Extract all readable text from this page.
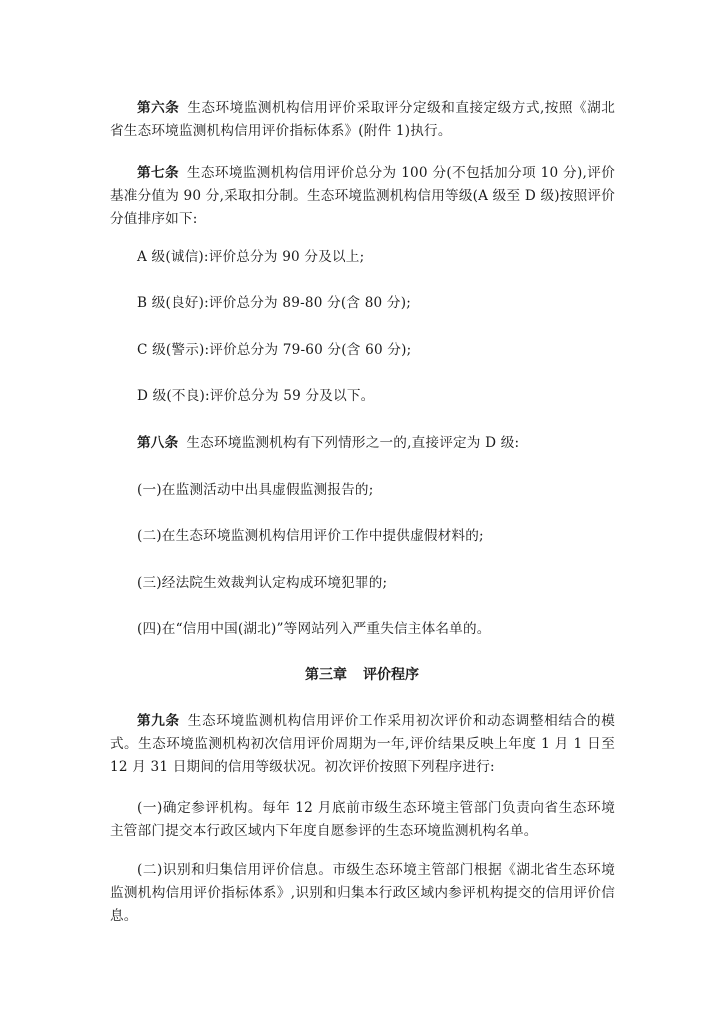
第六条 生态环境监测机构信用评价采取评分定级和直接定级方式,按照《湖北省生态环境监测机构信用评价指标体系》(附件 1)执行。

第七条 生态环境监测机构信用评价总分为 100 分(不包括加分项 10 分),评价基准分值为 90 分,采取扣分制。生态环境监测机构信用等级(A 级至 D 级)按照评价分值排序如下:

A 级(诚信):评价总分为 90 分及以上;

B 级(良好):评价总分为 89-80 分(含 80 分);

C 级(警示):评价总分为 79-60 分(含 60 分);

D 级(不良):评价总分为 59 分及以下。

第八条 生态环境监测机构有下列情形之一的,直接评定为 D 级:

(一)在监测活动中出具虚假监测报告的;

(二)在生态环境监测机构信用评价工作中提供虚假材料的;

(三)经法院生效裁判认定构成环境犯罪的;

(四)在“信用中国(湖北)”等网站列入严重失信主体名单的。

第三章 评价程序

第九条 生态环境监测机构信用评价工作采用初次评价和动态调整相结合的模式。生态环境监测机构初次信用评价周期为一年,评价结果反映上年度 1 月 1 日至 12 月 31 日期间的信用等级状况。初次评价按照下列程序进行:

(一)确定参评机构。每年 12 月底前市级生态环境主管部门负责向省生态环境主管部门提交本行政区域内下年度自愿参评的生态环境监测机构名单。

(二)识别和归集信用评价信息。市级生态环境主管部门根据《湖北省生态环境监测机构信用评价指标体系》,识别和归集本行政区域内参评机构提交的信用评价信息。
